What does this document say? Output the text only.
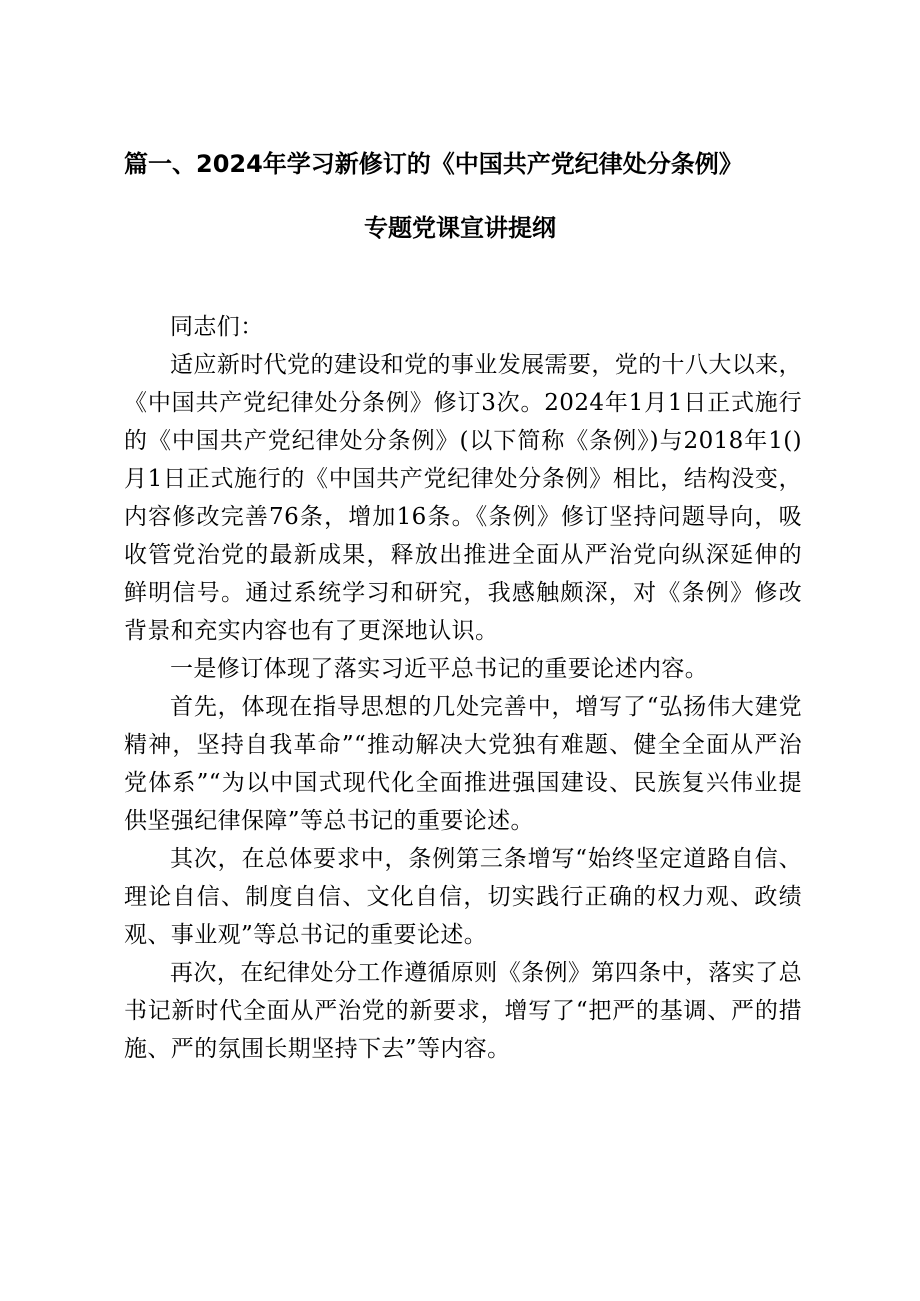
篇一、2024年学习新修订的《中国共产党纪律处分条例》
专题党课宣讲提纲

同志们：

适应新时代党的建设和党的事业发展需要，党的十八大以来，《中国共产党纪律处分条例》修订3次。2024年1月1日正式施行的《中国共产党纪律处分条例》(以下简称《条例》)与2018年1()月1日正式施行的《中国共产党纪律处分条例》相比，结构没变，内容修改完善76条，增加16条。《条例》修订坚持问题导向，吸收管党治党的最新成果，释放出推进全面从严治党向纵深延伸的鲜明信号。通过系统学习和研究，我感触颇深，对《条例》修改背景和充实内容也有了更深地认识。

一是修订体现了落实习近平总书记的重要论述内容。

首先，体现在指导思想的几处完善中，增写了“弘扬伟大建党精神，坚持自我革命”“推动解决大党独有难题、健全全面从严治党体系”“为以中国式现代化全面推进强国建设、民族复兴伟业提供坚强纪律保障”等总书记的重要论述。

其次，在总体要求中，条例第三条增写“始终坚定道路自信、理论自信、制度自信、文化自信，切实践行正确的权力观、政绩观、事业观”等总书记的重要论述。

再次，在纪律处分工作遵循原则《条例》第四条中，落实了总书记新时代全面从严治党的新要求，增写了“把严的基调、严的措施、严的氛围长期坚持下去”等内容。
